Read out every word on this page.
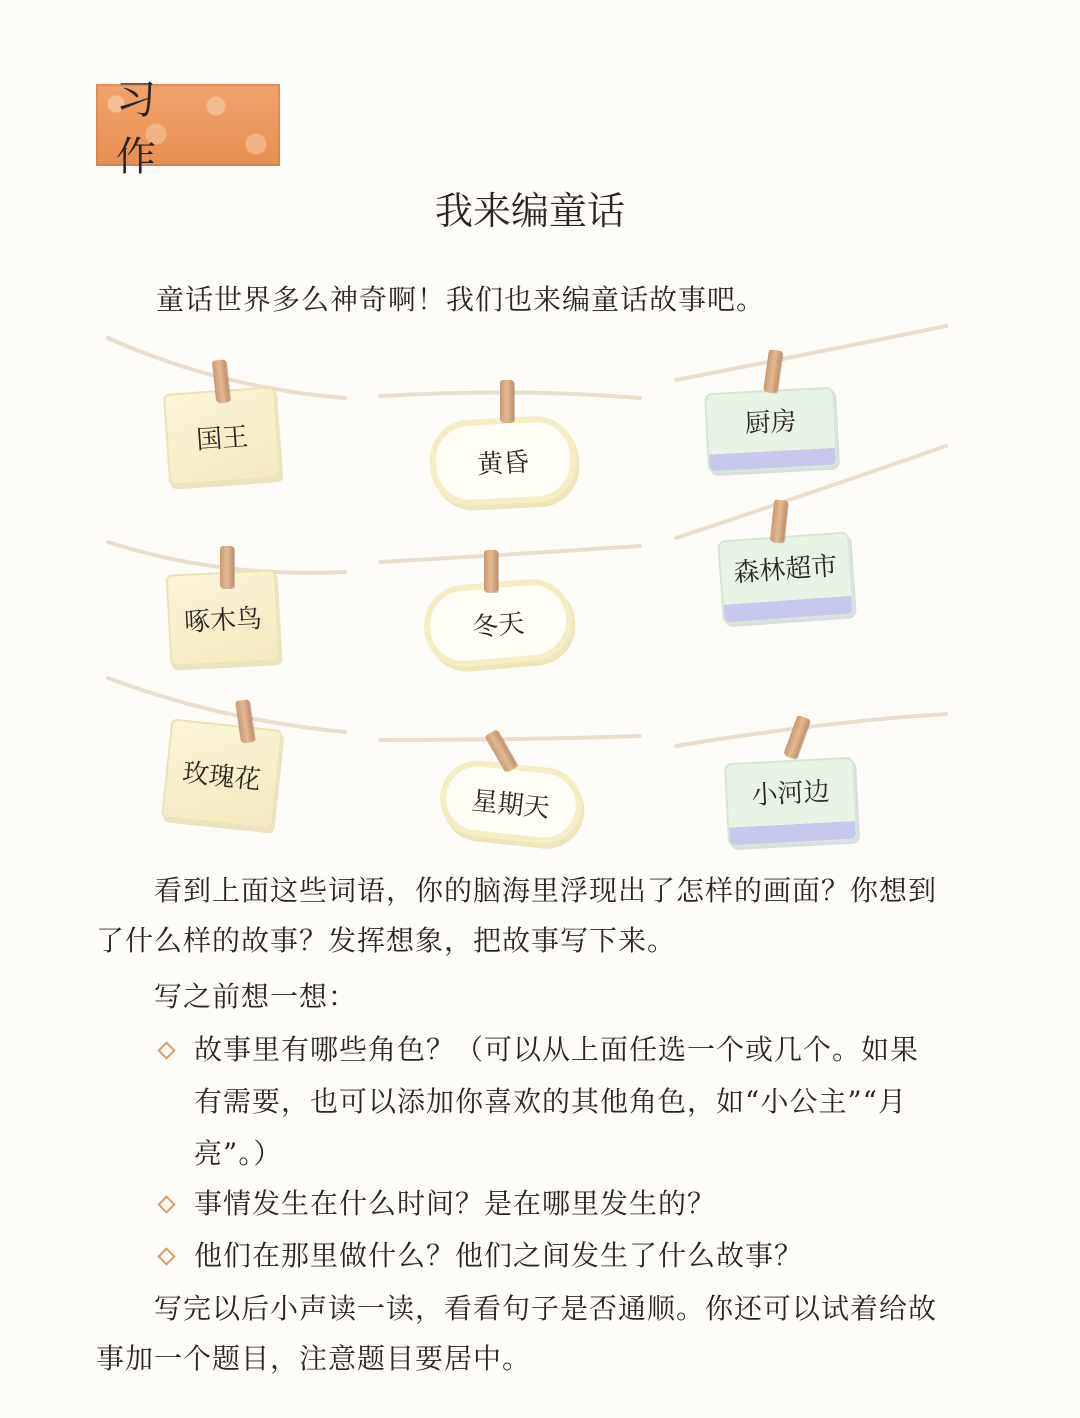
习 作
我来编童话
童话世界多么神奇啊！我们也来编童话故事吧。
国王
黄昏
厨房
啄木鸟	冬天
森林超市
玫瑰花
星期天	小河边
看到上面这些词语，你的脑海里浮现出了怎样的画面？你想到
了什么样的故事？发挥想象，把故事写下来。
写之前想一想：
故事里有哪些角色？（可以从上面任选一个或几个。如果
有需要，也可以添加你喜欢的其他角色，如“小公主”“月
亮”。）
事情发生在什么时间？是在哪里发生的？
他们在那里做什么？他们之间发生了什么故事？
写完以后小声读一读，看看句子是否通顺。你还可以试着给故
事加一个题目，注意题目要居中。
